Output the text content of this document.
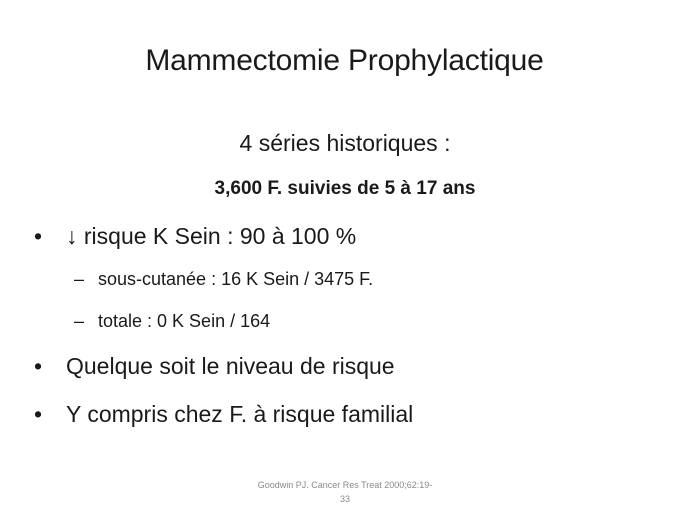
Mammectomie Prophylactique
4 séries historiques :
3,600 F. suivies de 5 à 17 ans
• ↓ risque K Sein : 90 à 100 %
– sous-cutanée : 16 K Sein / 3475 F.
– totale : 0 K Sein / 164
• Quelque soit le niveau de risque
• Y compris chez F. à risque familial
Goodwin PJ. Cancer Res Treat 2000;62:19-
33
